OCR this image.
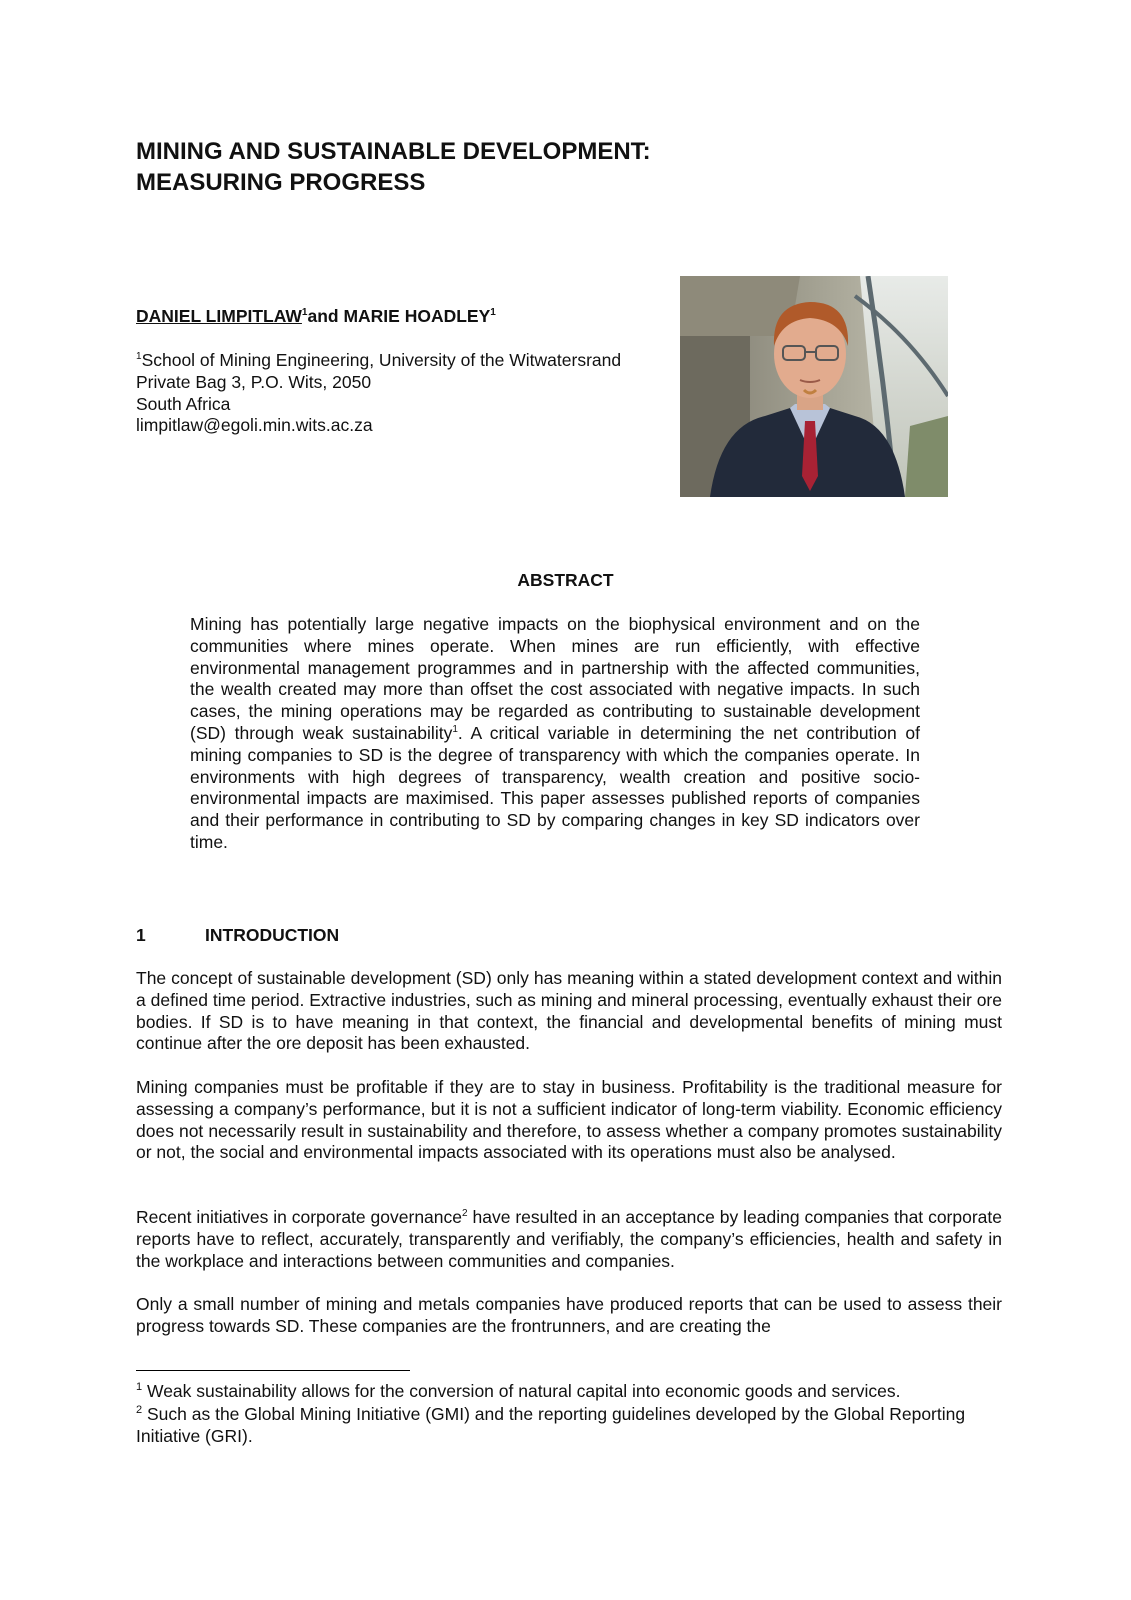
MINING AND SUSTAINABLE DEVELOPMENT:
MEASURING PROGRESS
DANIEL LIMPITLAW$^1$and MARIE HOADLEY$^1$
$^1$School of Mining Engineering, University of the Witwatersrand
Private Bag 3, P.O. Wits, 2050
South Africa
limpitlaw@egoli.min.wits.ac.za
ABSTRACT
Mining has potentially large negative impacts on the biophysical environment and on the communities where mines operate. When mines are run efficiently, with effective environmental management programmes and in partnership with the affected communities, the wealth created may more than offset the cost associated with negative impacts. In such cases, the mining operations may be regarded as contributing to sustainable development (SD) through weak sustainability$^1$. A critical variable in determining the net contribution of mining companies to SD is the degree of transparency with which the companies operate. In environments with high degrees of transparency, wealth creation and positive socio-environmental impacts are maximised. This paper assesses published reports of companies and their performance in contributing to SD by comparing changes in key SD indicators over time.
1	INTRODUCTION
The concept of sustainable development (SD) only has meaning within a stated development context and within a defined time period. Extractive industries, such as mining and mineral processing, eventually exhaust their ore bodies. If SD is to have meaning in that context, the financial and developmental benefits of mining must continue after the ore deposit has been exhausted.
Mining companies must be profitable if they are to stay in business. Profitability is the traditional measure for assessing a company’s performance, but it is not a sufficient indicator of long-term viability. Economic efficiency does not necessarily result in sustainability and therefore, to assess whether a company promotes sustainability or not, the social and environmental impacts associated with its operations must also be analysed.
Recent initiatives in corporate governance$^2$ have resulted in an acceptance by leading companies that corporate reports have to reflect, accurately, transparently and verifiably, the company’s efficiencies, health and safety in the workplace and interactions between communities and companies.
Only a small number of mining and metals companies have produced reports that can be used to assess their progress towards SD. These companies are the frontrunners, and are creating the
$^1$ Weak sustainability allows for the conversion of natural capital into economic goods and services.
$^2$ Such as the Global Mining Initiative (GMI) and the reporting guidelines developed by the Global Reporting Initiative (GRI).
